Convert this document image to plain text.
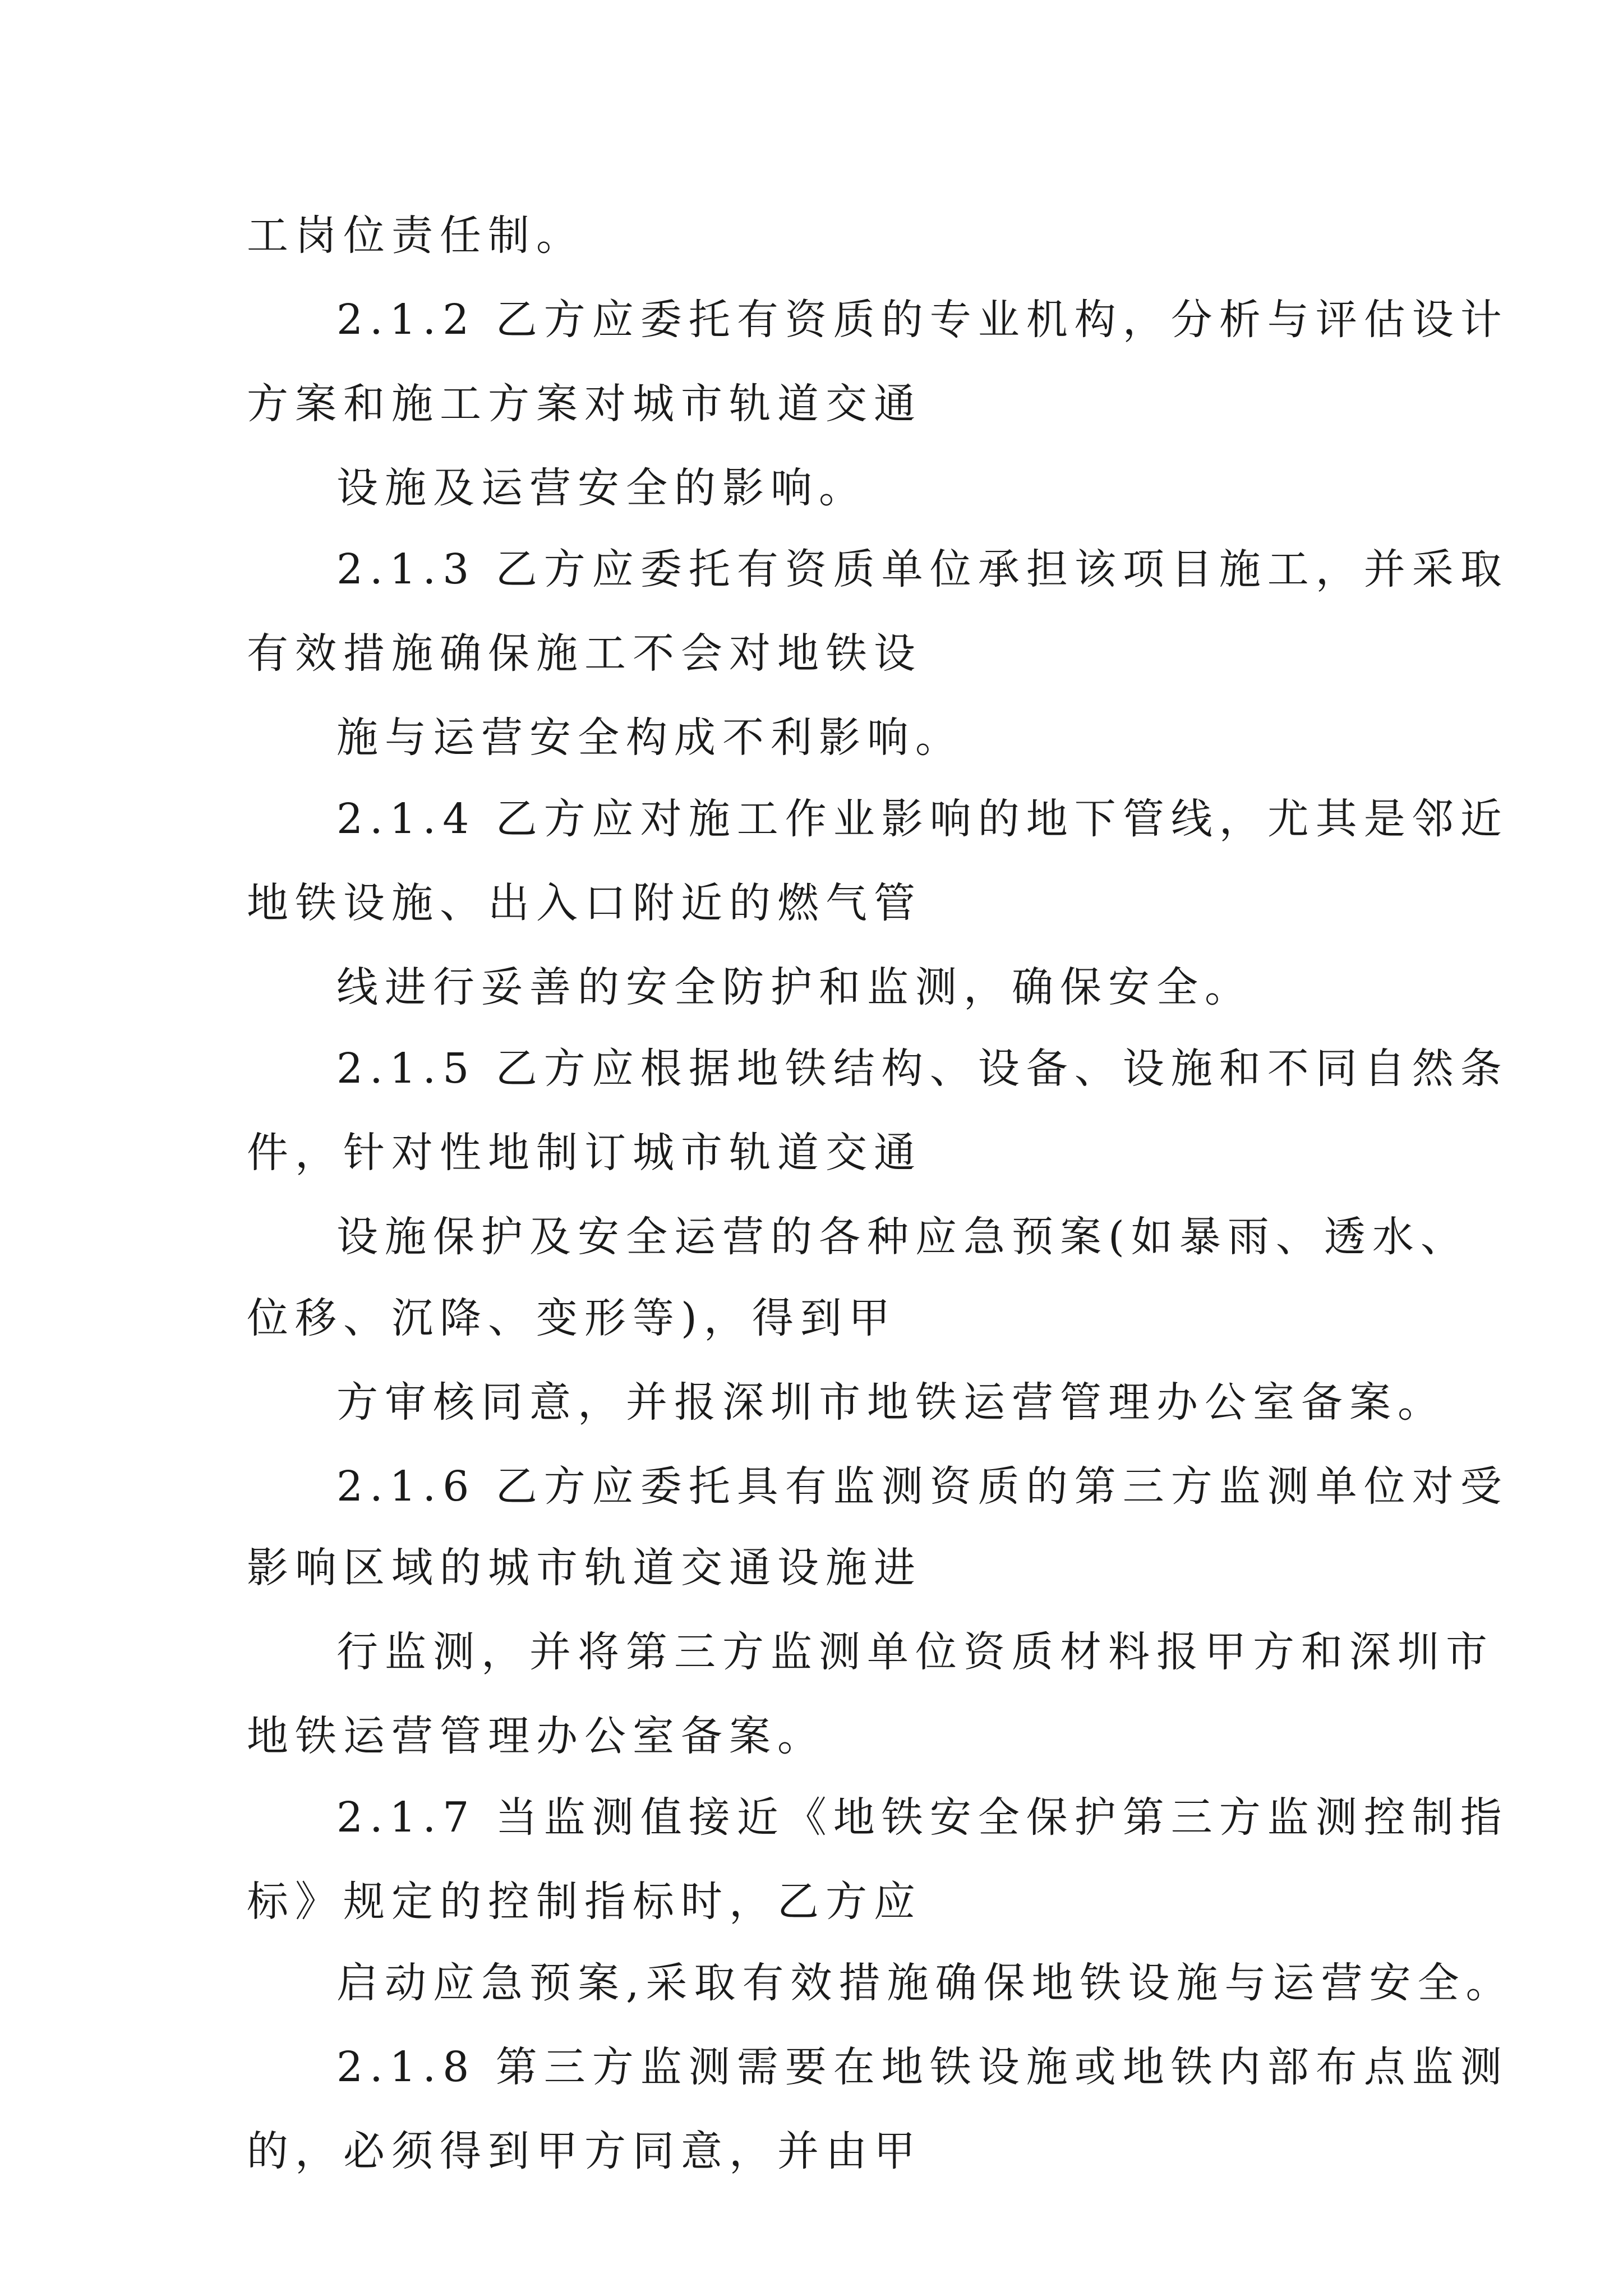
工岗位责任制。
2.1.2 乙方应委托有资质的专业机构，分析与评估设计
方案和施工方案对城市轨道交通
设施及运营安全的影响。
2.1.3 乙方应委托有资质单位承担该项目施工，并采取
有效措施确保施工不会对地铁设
施与运营安全构成不利影响。
2.1.4 乙方应对施工作业影响的地下管线，尤其是邻近
地铁设施、出入口附近的燃气管
线进行妥善的安全防护和监测，确保安全。
2.1.5 乙方应根据地铁结构、设备、设施和不同自然条
件，针对性地制订城市轨道交通
设施保护及安全运营的各种应急预案(如暴雨、透水、
位移、沉降、变形等)，得到甲
方审核同意，并报深圳市地铁运营管理办公室备案。
2.1.6 乙方应委托具有监测资质的第三方监测单位对受
影响区域的城市轨道交通设施进
行监测，并将第三方监测单位资质材料报甲方和深圳市
地铁运营管理办公室备案。
2.1.7 当监测值接近《地铁安全保护第三方监测控制指
标》规定的控制指标时，乙方应
启动应急预案,采取有效措施确保地铁设施与运营安全。
2.1.8 第三方监测需要在地铁设施或地铁内部布点监测
的，必须得到甲方同意，并由甲
